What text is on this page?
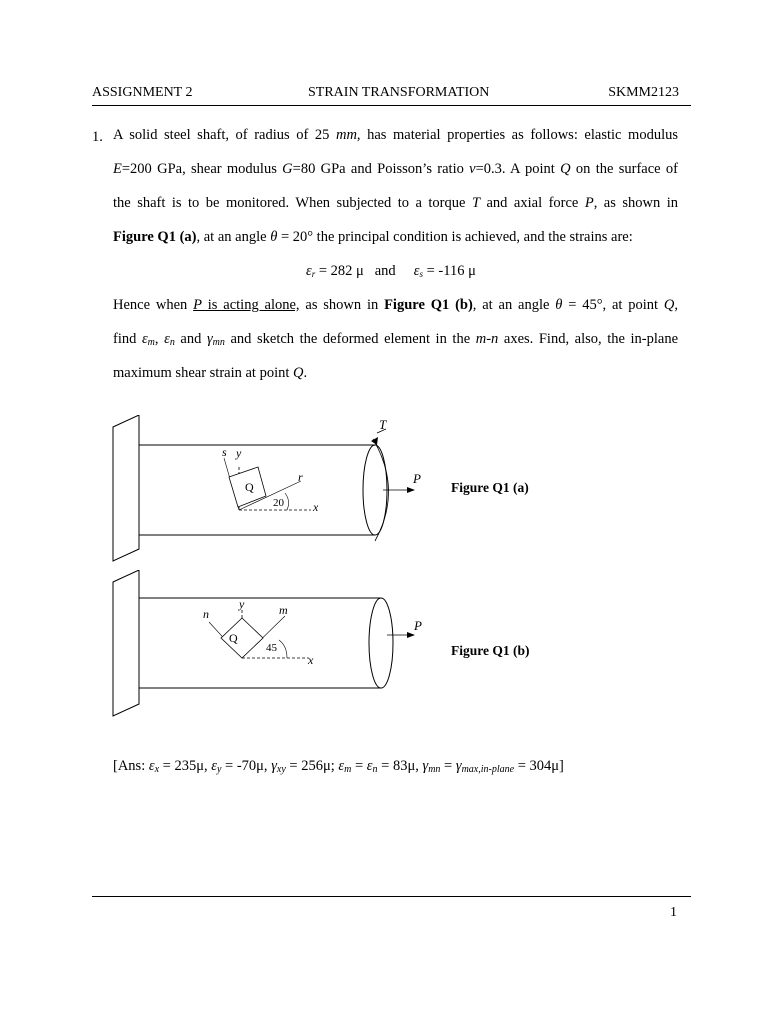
ASSIGNMENT 2	STRAIN TRANSFORMATION	SKMM2123
1. A solid steel shaft, of radius of 25 mm, has material properties as follows: elastic modulus
E=200 GPa, shear modulus G=80 GPa and Poisson’s ratio v=0.3. A point Q on the surface of
the shaft is to be monitored. When subjected to a torque T and axial force P, as shown in
Figure Q1 (a), at an angle θ = 20° the principal condition is achieved, and the strains are:
$\varepsilon_r = 282$ μ and $\varepsilon_s = -116$ μ
Hence when P is acting alone, as shown in Figure Q1 (b), at an angle θ = 45°, at point Q,
find εm, εn and γmn and sketch the deformed element in the m-n axes. Find, also, the in-plane
maximum shear strain at point Q.
T
P
y
x
s
r
Q
20
Figure Q1 (a)
P
y
x
n	m
Q
45	Figure Q1 (b)
[Ans: εx = 235μ, εy = -70μ, γxy = 256μ; εm = εn = 83μ, γmn = γmax,in-plane = 304μ]
1
